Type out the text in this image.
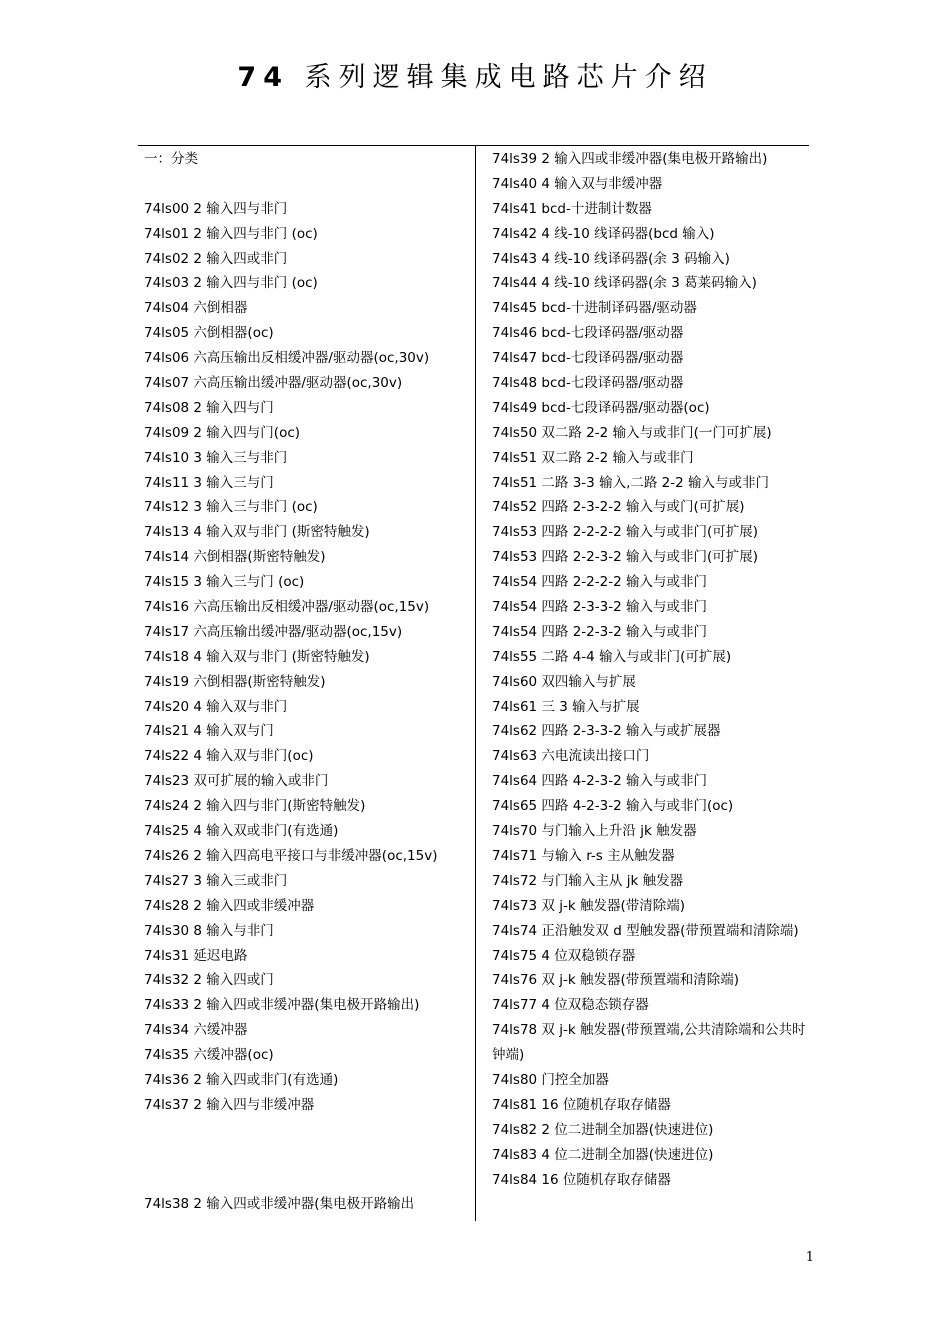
74 系列逻辑集成电路芯片介绍
一：分类
74ls00 2 输入四与非门
74ls01 2 输入四与非门 (oc)
74ls02 2 输入四或非门
74ls03 2 输入四与非门 (oc)
74ls04 六倒相器
74ls05 六倒相器(oc)
74ls06 六高压输出反相缓冲器/驱动器(oc,30v)
74ls07 六高压输出缓冲器/驱动器(oc,30v)
74ls08 2 输入四与门
74ls09 2 输入四与门(oc)
74ls10 3 输入三与非门
74ls11 3 输入三与门
74ls12 3 输入三与非门 (oc)
74ls13 4 输入双与非门 (斯密特触发)
74ls14 六倒相器(斯密特触发)
74ls15 3 输入三与门 (oc)
74ls16 六高压输出反相缓冲器/驱动器(oc,15v)
74ls17 六高压输出缓冲器/驱动器(oc,15v)
74ls18 4 输入双与非门 (斯密特触发)
74ls19 六倒相器(斯密特触发)
74ls20 4 输入双与非门
74ls21 4 输入双与门
74ls22 4 输入双与非门(oc)
74ls23 双可扩展的输入或非门
74ls24 2 输入四与非门(斯密特触发)
74ls25 4 输入双或非门(有选通)
74ls26 2 输入四高电平接口与非缓冲器(oc,15v)
74ls27 3 输入三或非门
74ls28 2 输入四或非缓冲器
74ls30 8 输入与非门
74ls31 延迟电路
74ls32 2 输入四或门
74ls33 2 输入四或非缓冲器(集电极开路输出)
74ls34 六缓冲器
74ls35 六缓冲器(oc)
74ls36 2 输入四或非门(有选通)
74ls37 2 输入四与非缓冲器
74ls38 2 输入四或非缓冲器(集电极开路输出
74ls39 2 输入四或非缓冲器(集电极开路输出)
74ls40 4 输入双与非缓冲器
74ls41 bcd-十进制计数器
74ls42 4 线-10 线译码器(bcd 输入)
74ls43 4 线-10 线译码器(余 3 码输入)
74ls44 4 线-10 线译码器(余 3 葛莱码输入)
74ls45 bcd-十进制译码器/驱动器
74ls46 bcd-七段译码器/驱动器
74ls47 bcd-七段译码器/驱动器
74ls48 bcd-七段译码器/驱动器
74ls49 bcd-七段译码器/驱动器(oc)
74ls50 双二路 2-2 输入与或非门(一门可扩展)
74ls51 双二路 2-2 输入与或非门
74ls51 二路 3-3 输入,二路 2-2 输入与或非门
74ls52 四路 2-3-2-2 输入与或门(可扩展)
74ls53 四路 2-2-2-2 输入与或非门(可扩展)
74ls53 四路 2-2-3-2 输入与或非门(可扩展)
74ls54 四路 2-2-2-2 输入与或非门
74ls54 四路 2-3-3-2 输入与或非门
74ls54 四路 2-2-3-2 输入与或非门
74ls55 二路 4-4 输入与或非门(可扩展)
74ls60 双四输入与扩展
74ls61 三 3 输入与扩展
74ls62 四路 2-3-3-2 输入与或扩展器
74ls63 六电流读出接口门
74ls64 四路 4-2-3-2 输入与或非门
74ls65 四路 4-2-3-2 输入与或非门(oc)
74ls70 与门输入上升沿 jk 触发器
74ls71 与输入 r-s 主从触发器
74ls72 与门输入主从 jk 触发器
74ls73 双 j-k 触发器(带清除端)
74ls74 正沿触发双 d 型触发器(带预置端和清除端)
74ls75 4 位双稳锁存器
74ls76 双 j-k 触发器(带预置端和清除端)
74ls77 4 位双稳态锁存器
74ls78 双 j-k 触发器(带预置端,公共清除端和公共时钟端)
74ls80 门控全加器
74ls81 16 位随机存取存储器
74ls82 2 位二进制全加器(快速进位)
74ls83 4 位二进制全加器(快速进位)
74ls84 16 位随机存取存储器
1
